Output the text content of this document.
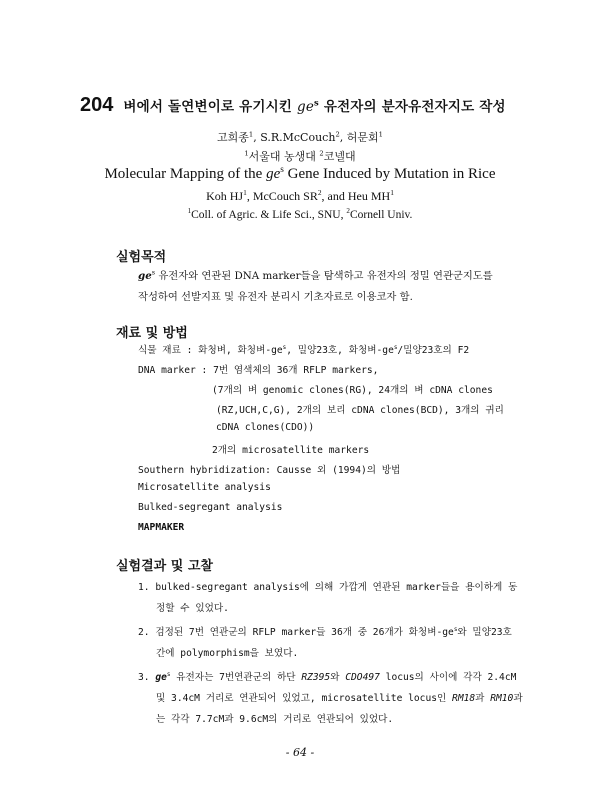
204 벼에서 돌연변이로 유기시킨 $ge^s$ 유전자의 분자유전자지도 작성
고희종$^1$, S.R.McCouch$^2$, 허문회$^1$
$^1$서울대 농생대 $^2$코넬대
Molecular Mapping of the $ge^s$ Gene Induced by Mutation in Rice
Koh $HJ^1$, McCouch $SR^2$, and Heu $MH^1$
$^1$Coll. of Agric. & Life Sci., SNU, $^2$Cornell Univ.
실험목적
$ge^s$ 유전자와 연관된 DNA marker들을 탐색하고 유전자의 정밀 연관군지도를
작성하여 선발지표 및 유전자 분리시 기초자료로 이용코자 함.
재료 및 방법
식물 재료 : 화청벼, 화청벼$-ge^s$, 밀양23호, 화청벼$-ge^s/$밀양23호의 F2
DNA marker : 7번 염색체의 36개 RFLP markers,
(7개의 벼 genomic clones(RG), 24개의 벼 cDNA clones
(RZ,UCH,C,G), 2개의 보리 cDNA clones(BCD), 3개의 귀리
cDNA clones(CDO))
2개의 microsatellite markers
Southern hybridization: Causse 외 (1994)의 방법
Microsatellite analysis
Bulked-segregant analysis
MAPMAKER
실험결과 및 고찰
1. bulked-segregant analysis에 의해 가깝게 연관된 marker들을 용이하게 동
정할 수 있었다.
2. 검정된 7번 연관군의 RFLP marker들 36개 중 26개가 화청벼$-ge^s$와 밀양23호
간에 polymorphism을 보였다.
3. $ge^s$ 유전자는 7번연관군의 하단 RZ395와 CDO497 locus의 사이에 각각 2.4cM
및 3.4cM 거리로 연관되어 있었고, microsatellite locus인 RM18과 RM10과
는 각각 7.7cM과 9.6cM의 거리로 연관되어 있었다.
- 64 -
